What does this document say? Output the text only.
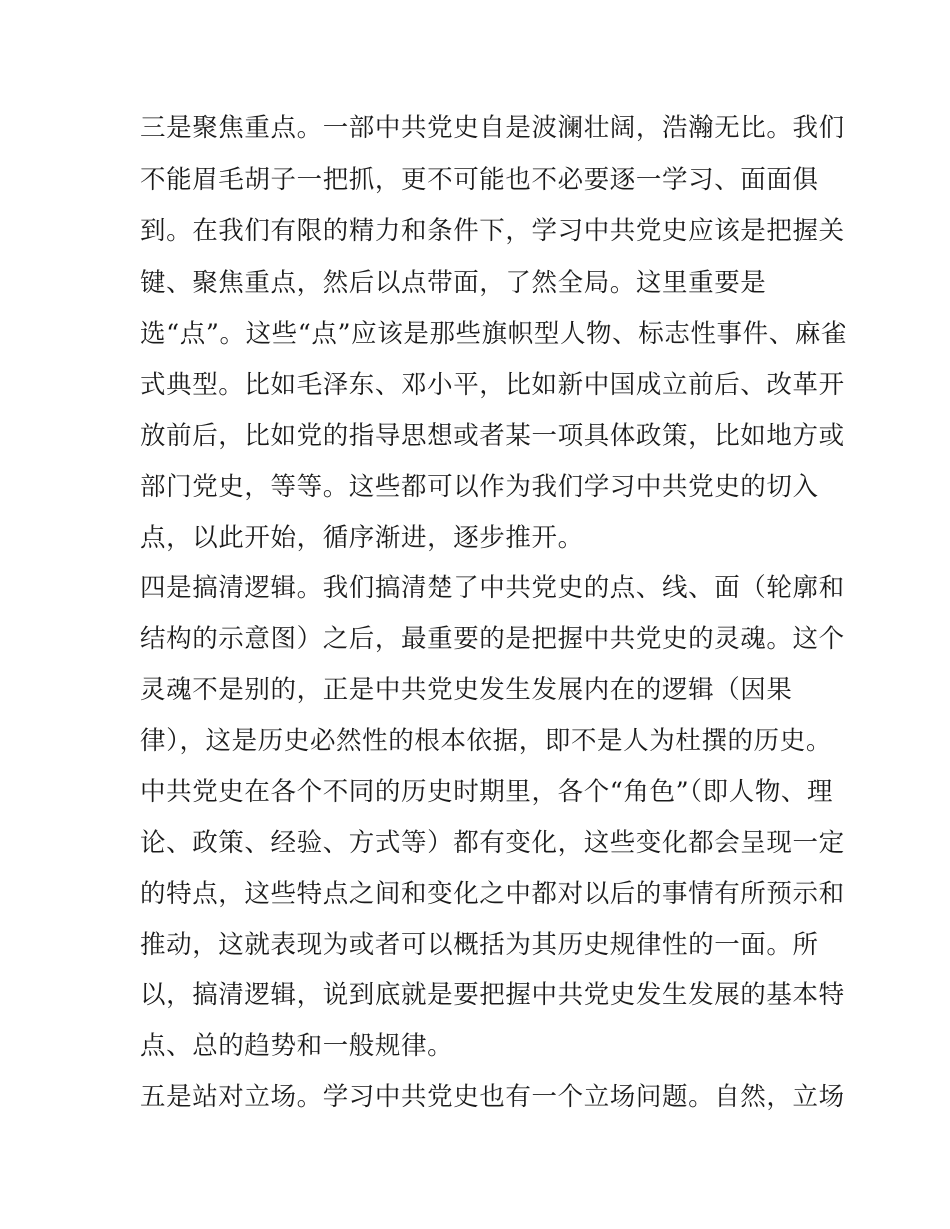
三是聚焦重点。一部中共党史自是波澜壮阔，浩瀚无比。我们
不能眉毛胡子一把抓，更不可能也不必要逐一学习、面面俱
到。在我们有限的精力和条件下，学习中共党史应该是把握关
键、聚焦重点，然后以点带面，了然全局。这里重要是
选“点”。这些“点”应该是那些旗帜型人物、标志性事件、麻雀
式典型。比如毛泽东、邓小平，比如新中国成立前后、改革开
放前后，比如党的指导思想或者某一项具体政策，比如地方或
部门党史，等等。这些都可以作为我们学习中共党史的切入
点，以此开始，循序渐进，逐步推开。
四是搞清逻辑。我们搞清楚了中共党史的点、线、面（轮廓和
结构的示意图）之后，最重要的是把握中共党史的灵魂。这个
灵魂不是别的，正是中共党史发生发展内在的逻辑（因果
律），这是历史必然性的根本依据，即不是人为杜撰的历史。
中共党史在各个不同的历史时期里，各个“角色”（即人物、理
论、政策、经验、方式等）都有变化，这些变化都会呈现一定
的特点，这些特点之间和变化之中都对以后的事情有所预示和
推动，这就表现为或者可以概括为其历史规律性的一面。所
以，搞清逻辑，说到底就是要把握中共党史发生发展的基本特
点、总的趋势和一般规律。
五是站对立场。学习中共党史也有一个立场问题。自然，立场
